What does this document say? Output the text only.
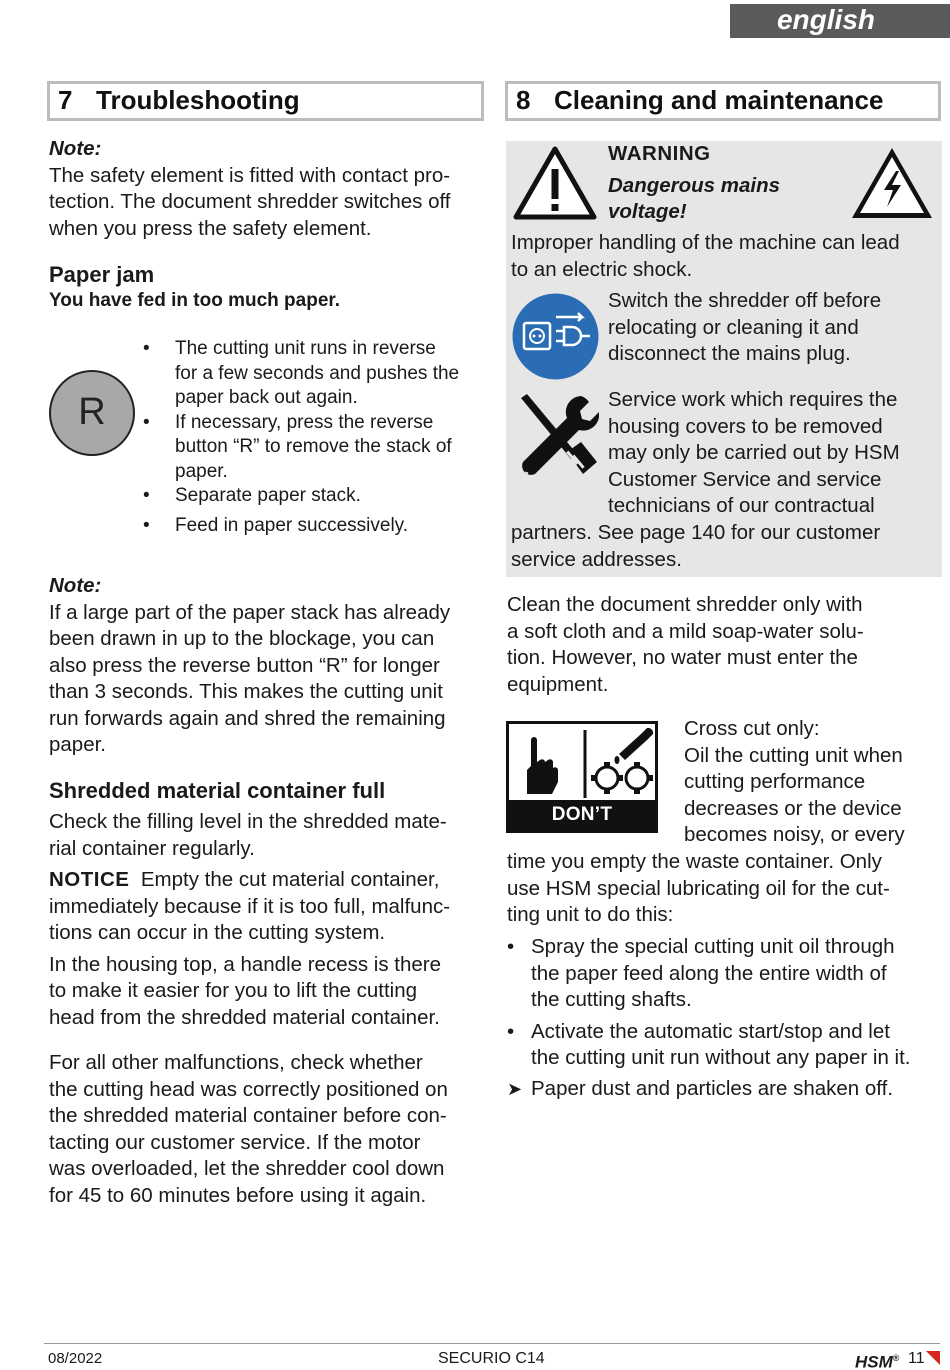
english
7 Troubleshooting

Note:

The safety element is fitted with contact pro-

tection. The document shredder switches off

when you press the safety element.

Paper jam

You have fed in too much paper.

R
• The cutting unit runs in reverse
for a few seconds and pushes the
paper back out again.
• If necessary, press the reverse
button “R” to remove the stack of
paper.
• Separate paper stack.
• Feed in paper successively.

Note:

If a large part of the paper stack has already

been drawn in up to the blockage, you can

also press the reverse button “R” for longer

than 3 seconds. This makes the cutting unit

run forwards again and shred the remaining

paper.

Shredded material container full

Check the filling level in the shredded mate-

rial container regularly.

NOTICE Empty the cut material container,

immediately because if it is too full, malfunc-

tions can occur in the cutting system.

In the housing top, a handle recess is there

to make it easier for you to lift the cutting

head from the shredded material container.

For all other malfunctions, check whether

the cutting head was correctly positioned on

the shredded material container before con-

tacting our customer service. If the motor

was overloaded, let the shredder cool down

for 45 to 60 minutes before using it again.

8 Cleaning and maintenance

WARNING

Dangerous mains

voltage!

Improper handling of the machine can lead

to an electric shock.

Switch the shredder off before

relocating or cleaning it and

disconnect the mains plug.

Service work which requires the

housing covers to be removed

may only be carried out by HSM

Customer Service and service

technicians of our contractual

partners. See page 140 for our customer

service addresses.

Clean the document shredder only with

a soft cloth and a mild soap-water solu-

tion. However, no water must enter the

equipment.

DON’T FORGET

Cross cut only:

Oil the cutting unit when

cutting performance

decreases or the device

becomes noisy, or every

time you empty the waste container. Only

use HSM special lubricating oil for the cut-

ting unit to do this:

• Spray the special cutting unit oil through
the paper feed along the entire width of
the cutting shafts.
• Activate the automatic start/stop and let
the cutting unit run without any paper in it.
➤ Paper dust and particles are shaken off.
08/2022	SECURIO C14	HSM® 11
